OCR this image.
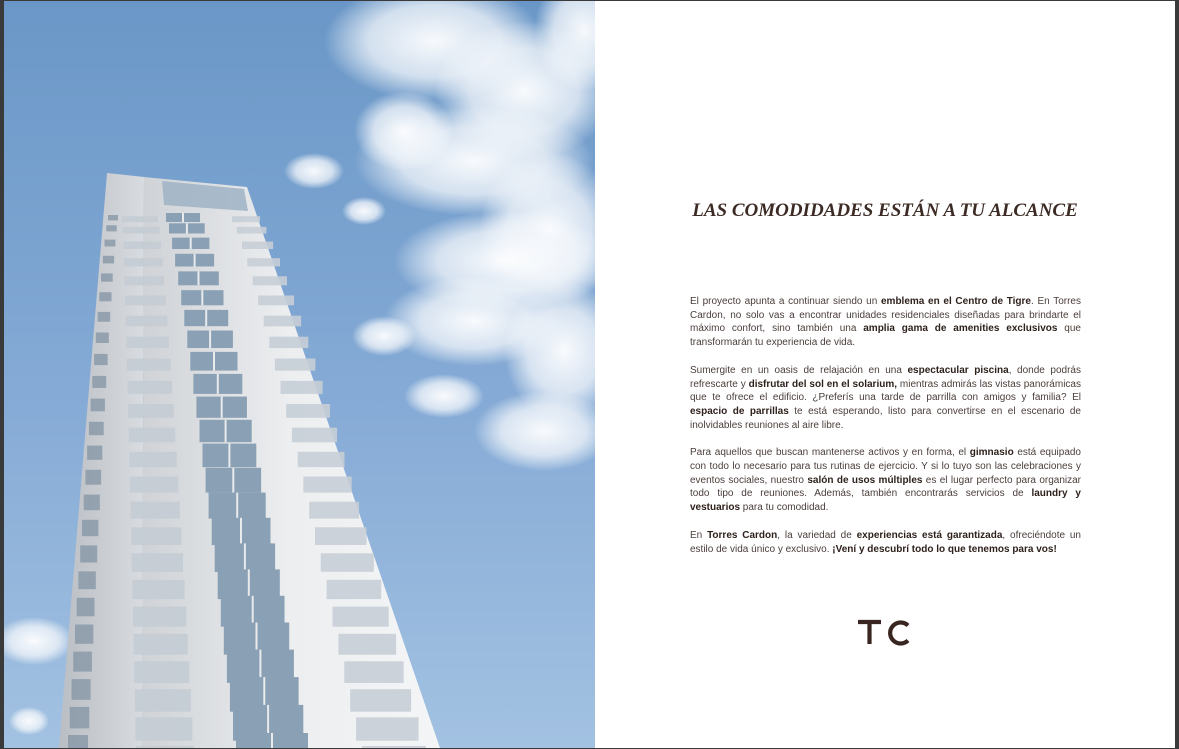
LAS COMODIDADES ESTÁN A TU ALCANCE

El proyecto apunta a continuar siendo un emblema en el Centro de Tigre. En Torres Cardon, no solo vas a encontrar unidades residenciales diseñadas para brindarte el máximo confort, sino también una amplia gama de amenities exclusivos que transformarán tu experiencia de vida.

Sumergite en un oasis de relajación en una espectacular piscina, donde podrás refrescarte y disfrutar del sol en el solarium, mientras admirás las vistas panorámicas que te ofrece el edificio. ¿Preferís una tarde de parrilla con amigos y familia? El espacio de parrillas te está esperando, listo para convertirse en el escenario de inolvidables reuniones al aire libre.

Para aquellos que buscan mantenerse activos y en forma, el gimnasio está equipado con todo lo necesario para tus rutinas de ejercicio. Y si lo tuyo son las celebraciones y eventos sociales, nuestro salón de usos múltiples es el lugar perfecto para organizar todo tipo de reuniones. Además, también encontrarás servicios de laundry y vestuarios para tu comodidad.

En Torres Cardon, la variedad de experiencias está garantizada, ofreciéndote un estilo de vida único y exclusivo. ¡Vení y descubrí todo lo que tenemos para vos!
